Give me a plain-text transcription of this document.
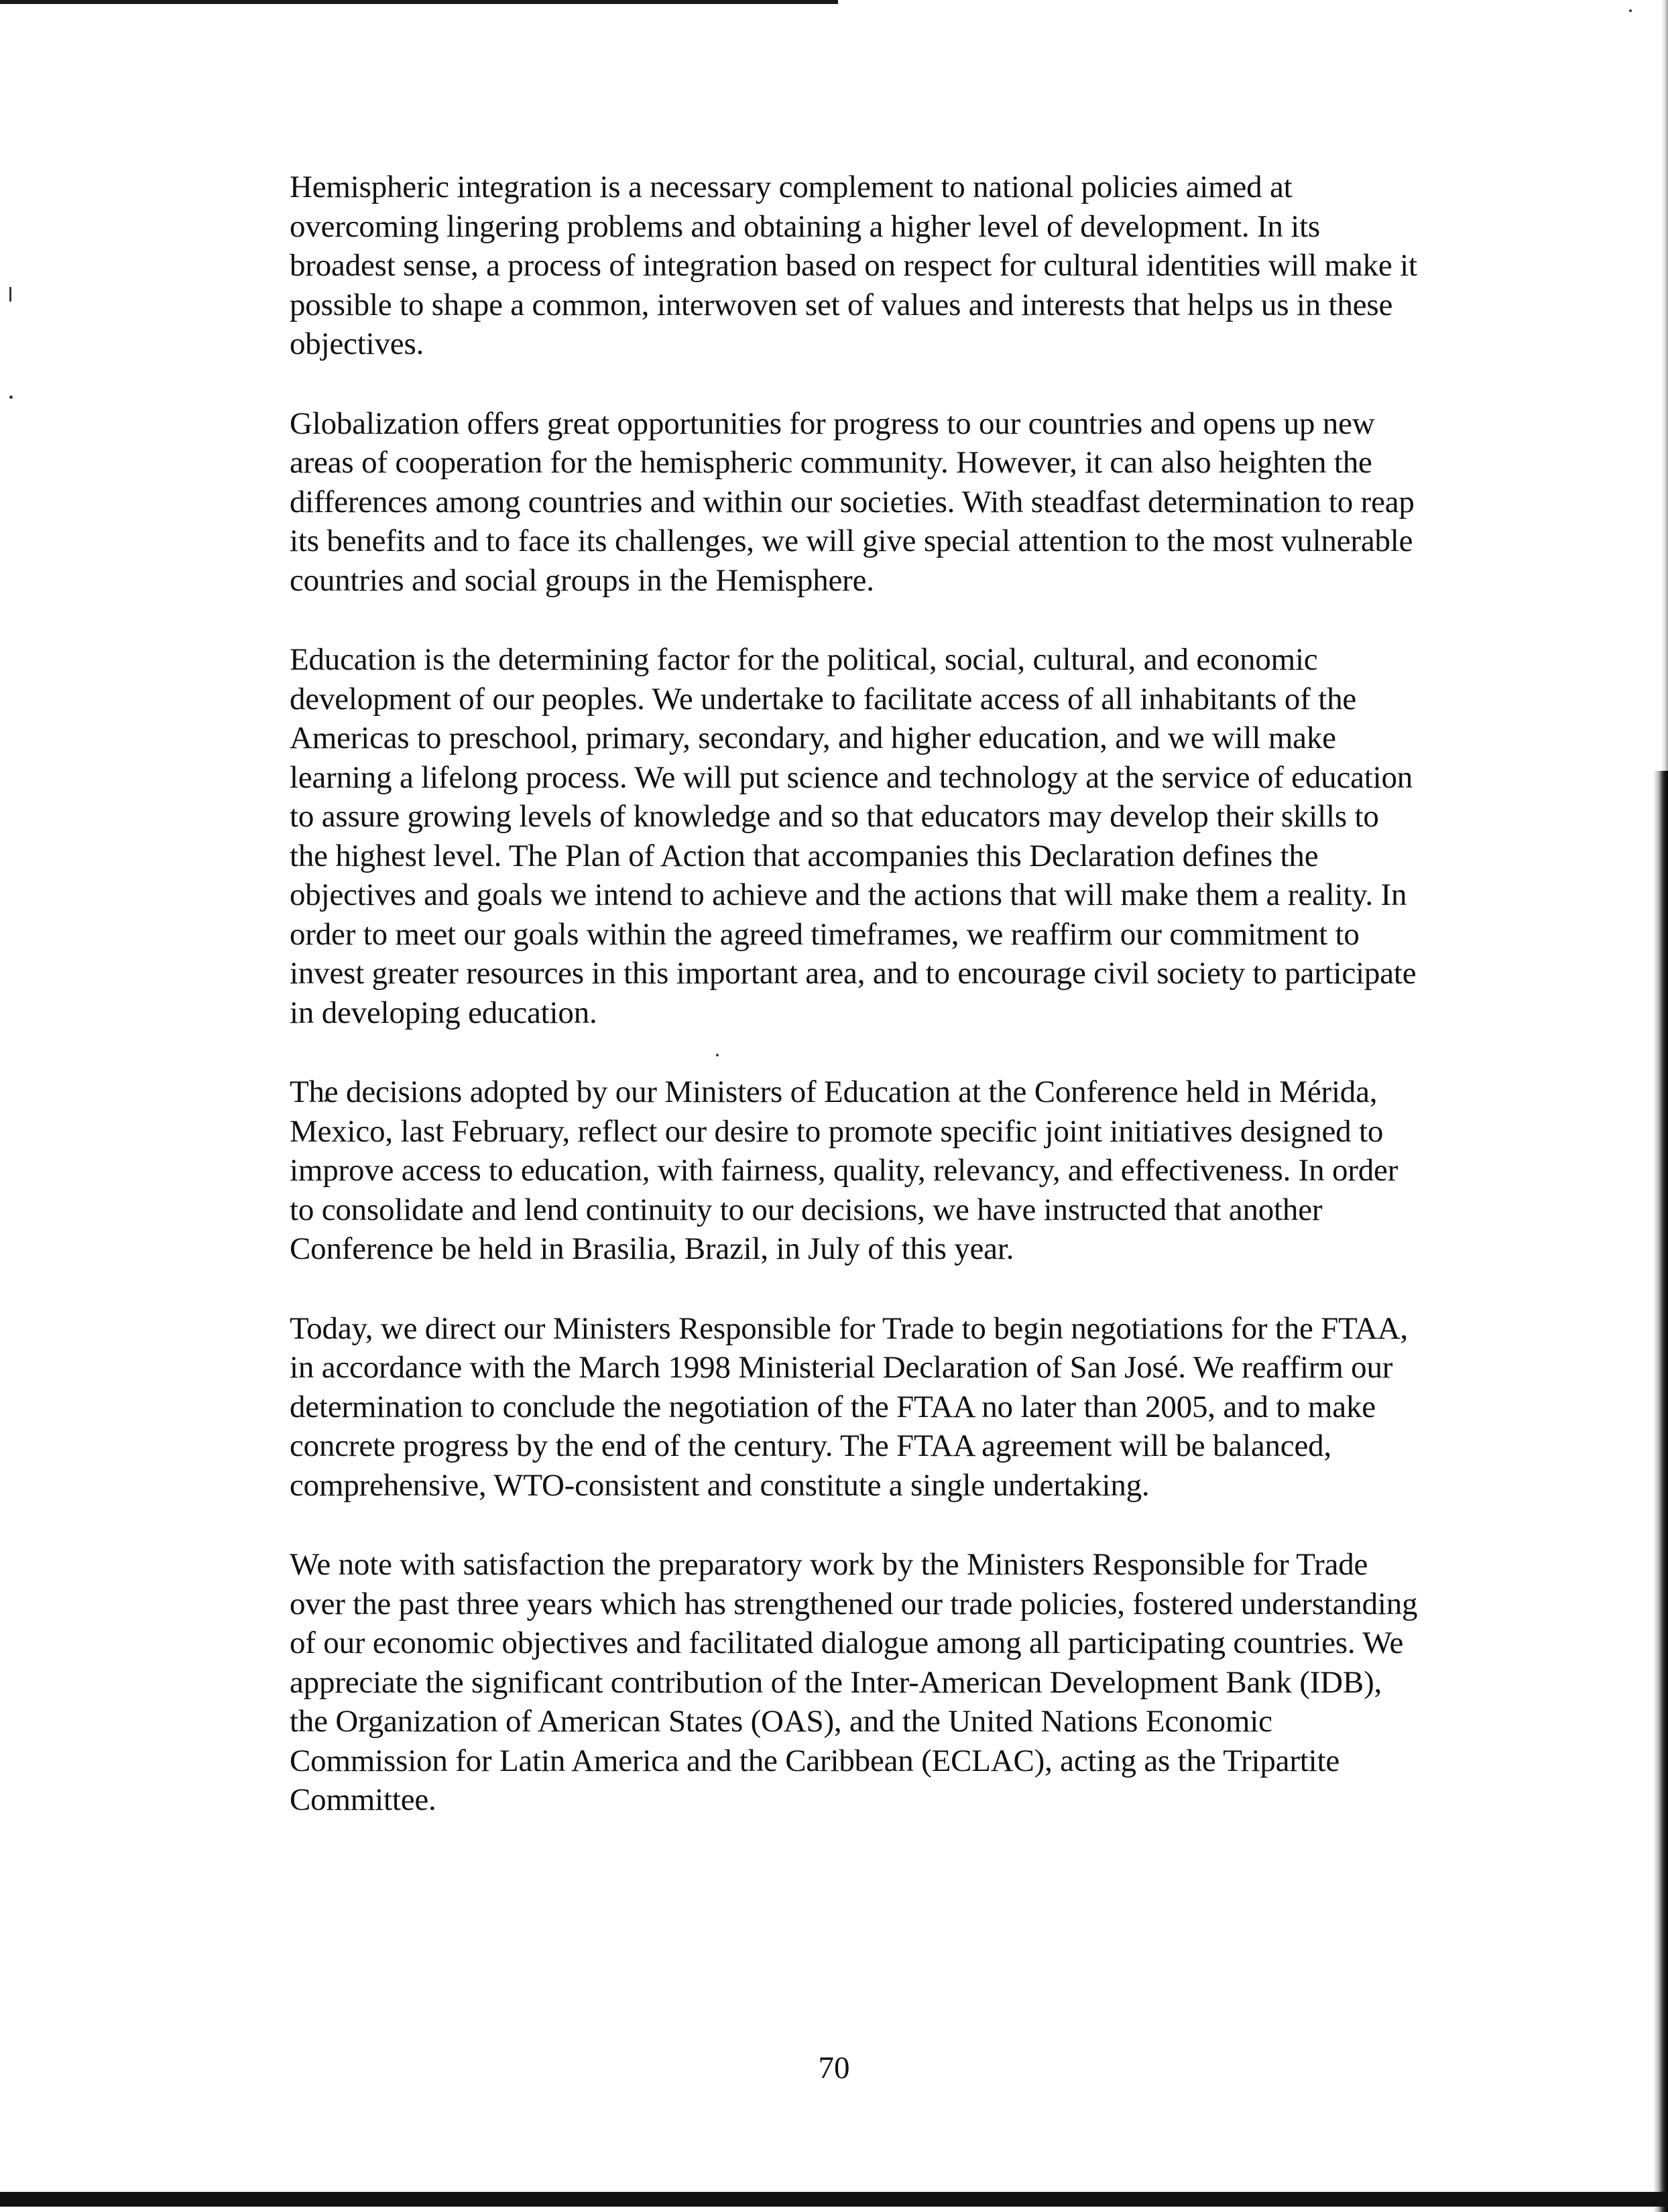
Hemispheric integration is a necessary complement to national policies aimed at overcoming lingering problems and obtaining a higher level of development. In its broadest sense, a process of integration based on respect for cultural identities will make it possible to shape a common, interwoven set of values and interests that helps us in these objectives.

Globalization offers great opportunities for progress to our countries and opens up new areas of cooperation for the hemispheric community. However, it can also heighten the differences among countries and within our societies. With steadfast determination to reap its benefits and to face its challenges, we will give special attention to the most vulnerable countries and social groups in the Hemisphere.

Education is the determining factor for the political, social, cultural, and economic development of our peoples. We undertake to facilitate access of all inhabitants of the Americas to preschool, primary, secondary, and higher education, and we will make learning a lifelong process. We will put science and technology at the service of education to assure growing levels of knowledge and so that educators may develop their skills to the highest level. The Plan of Action that accompanies this Declaration defines the objectives and goals we intend to achieve and the actions that will make them a reality. In order to meet our goals within the agreed timeframes, we reaffirm our commitment to invest greater resources in this important area, and to encourage civil society to participate in developing education.

The decisions adopted by our Ministers of Education at the Conference held in Mérida, Mexico, last February, reflect our desire to promote specific joint initiatives designed to improve access to education, with fairness, quality, relevancy, and effectiveness. In order to consolidate and lend continuity to our decisions, we have instructed that another Conference be held in Brasilia, Brazil, in July of this year.

Today, we direct our Ministers Responsible for Trade to begin negotiations for the FTAA, in accordance with the March 1998 Ministerial Declaration of San José. We reaffirm our determination to conclude the negotiation of the FTAA no later than 2005, and to make concrete progress by the end of the century. The FTAA agreement will be balanced, comprehensive, WTO-consistent and constitute a single undertaking.

We note with satisfaction the preparatory work by the Ministers Responsible for Trade over the past three years which has strengthened our trade policies, fostered understanding of our economic objectives and facilitated dialogue among all participating countries. We appreciate the significant contribution of the Inter-American Development Bank (IDB), the Organization of American States (OAS), and the United Nations Economic Commission for Latin America and the Caribbean (ECLAC), acting as the Tripartite Committee.

70
